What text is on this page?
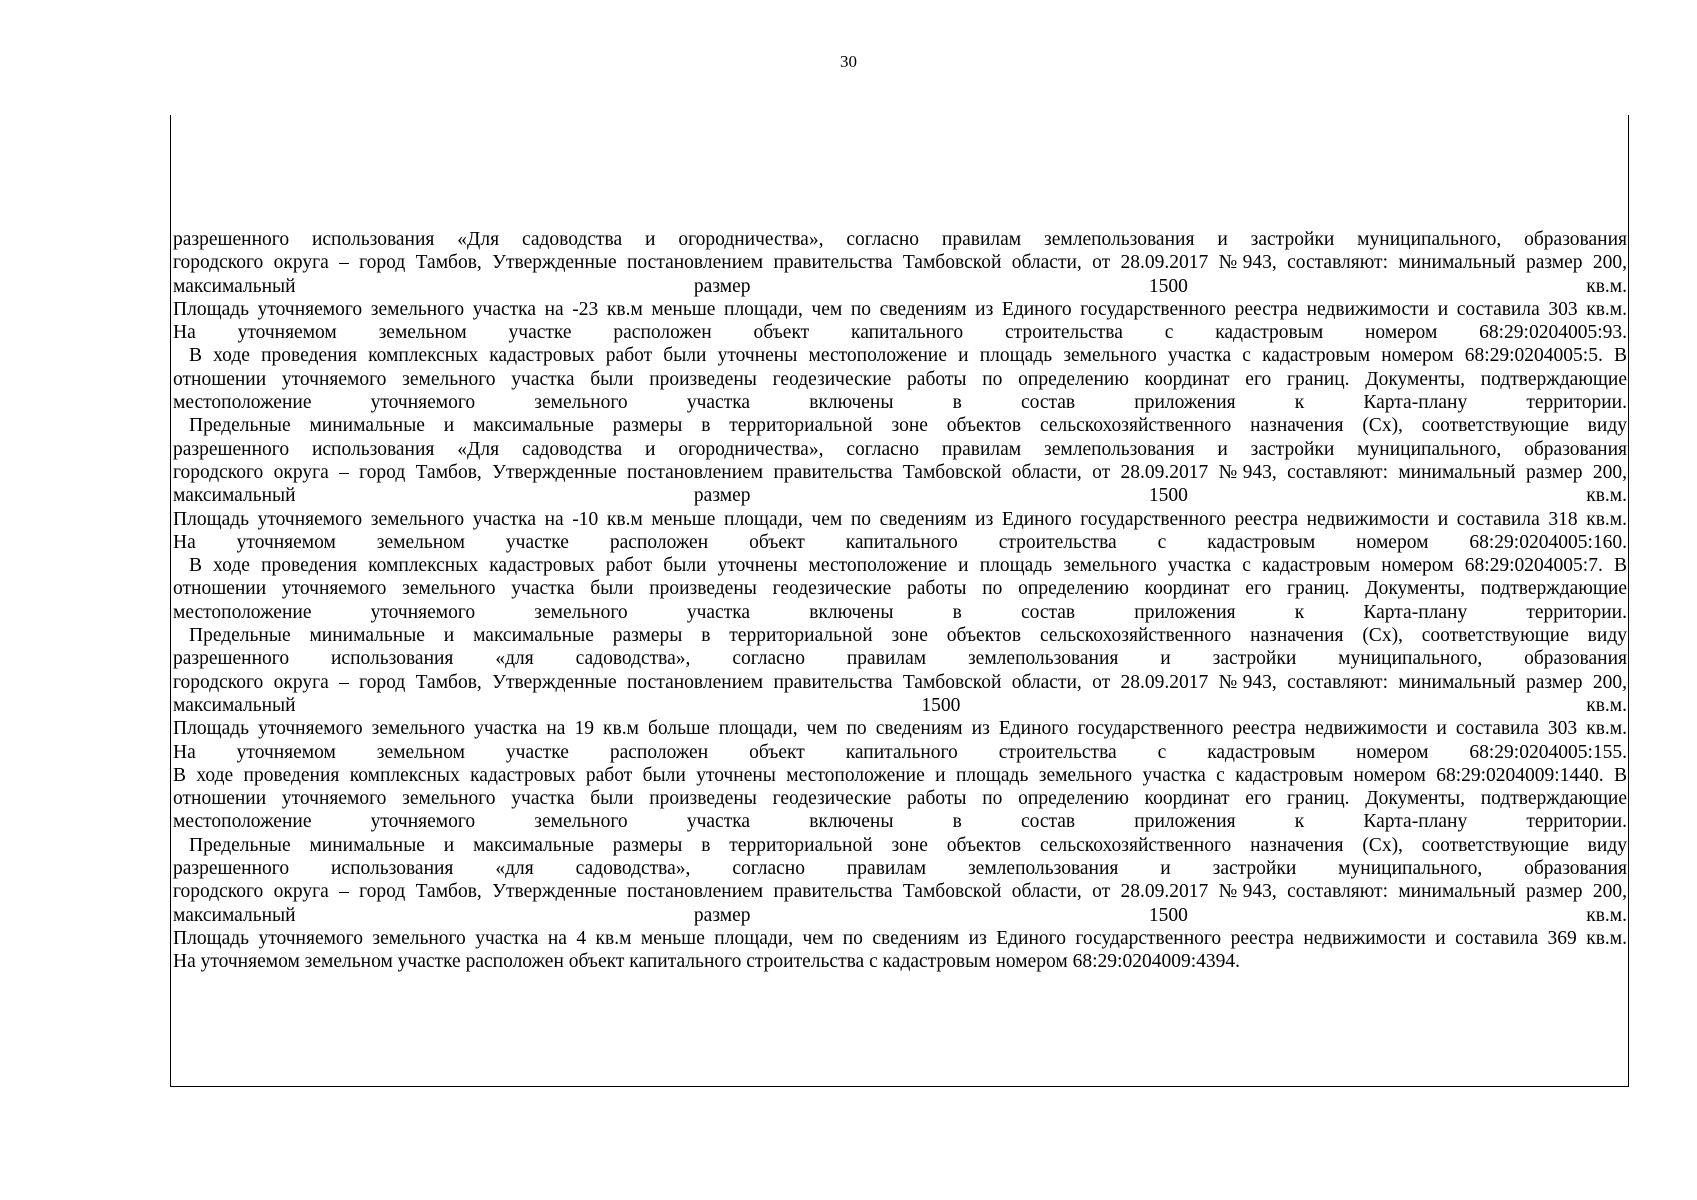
30
разрешенного использования «Для садоводства и огородничества», согласно правилам землепользования и застройки муниципального, образования
городского округа – город Тамбов, Утвержденные постановлением правительства Тамбовской области, от 28.09.2017 №943, составляют: минимальный размер 200,
максимальный размер 1500 кв.м.
Площадь уточняемого земельного участка на -23 кв.м меньше площади, чем по сведениям из Единого государственного реестра недвижимости и составила 303 кв.м.
На уточняемом земельном участке расположен объект капитального строительства с кадастровым номером 68:29:0204005:93.
В ходе проведения комплексных кадастровых работ были уточнены местоположение и площадь земельного участка с кадастровым номером 68:29:0204005:5. В
отношении уточняемого земельного участка были произведены геодезические работы по определению координат его границ. Документы, подтверждающие
местоположение уточняемого земельного участка включены в состав приложения к Карта-плану территории.
Предельные минимальные и максимальные размеры в территориальной зоне объектов сельскохозяйственного назначения (Сх), соответствующие виду
разрешенного использования «Для садоводства и огородничества», согласно правилам землепользования и застройки муниципального, образования
городского округа – город Тамбов, Утвержденные постановлением правительства Тамбовской области, от 28.09.2017 №943, составляют: минимальный размер 200,
максимальный размер 1500 кв.м.
Площадь уточняемого земельного участка на -10 кв.м меньше площади, чем по сведениям из Единого государственного реестра недвижимости и составила 318 кв.м.
На уточняемом земельном участке расположен объект капитального строительства с кадастровым номером 68:29:0204005:160.
В ходе проведения комплексных кадастровых работ были уточнены местоположение и площадь земельного участка с кадастровым номером 68:29:0204005:7. В
отношении уточняемого земельного участка были произведены геодезические работы по определению координат его границ. Документы, подтверждающие
местоположение уточняемого земельного участка включены в состав приложения к Карта-плану территории.
Предельные минимальные и максимальные размеры в территориальной зоне объектов сельскохозяйственного назначения (Сх), соответствующие виду
разрешенного использования «для садоводства», согласно правилам землепользования и застройки муниципального, образования
городского округа – город Тамбов, Утвержденные постановлением правительства Тамбовской области, от 28.09.2017 №943, составляют: минимальный размер 200,
максимальный 1500 кв.м.
Площадь уточняемого земельного участка на 19 кв.м больше площади, чем по сведениям из Единого государственного реестра недвижимости и составила 303 кв.м.
На уточняемом земельном участке расположен объект капитального строительства с кадастровым номером 68:29:0204005:155.
В ходе проведения комплексных кадастровых работ были уточнены местоположение и площадь земельного участка с кадастровым номером 68:29:0204009:1440. В
отношении уточняемого земельного участка были произведены геодезические работы по определению координат его границ. Документы, подтверждающие
местоположение уточняемого земельного участка включены в состав приложения к Карта-плану территории.
Предельные минимальные и максимальные размеры в территориальной зоне объектов сельскохозяйственного назначения (Сх), соответствующие виду
разрешенного использования «для садоводства», согласно правилам землепользования и застройки муниципального, образования
городского округа – город Тамбов, Утвержденные постановлением правительства Тамбовской области, от 28.09.2017 №943, составляют: минимальный размер 200,
максимальный размер 1500 кв.м.
Площадь уточняемого земельного участка на 4 кв.м меньше площади, чем по сведениям из Единого государственного реестра недвижимости и составила 369 кв.м.
На уточняемом земельном участке расположен объект капитального строительства с кадастровым номером 68:29:0204009:4394.
